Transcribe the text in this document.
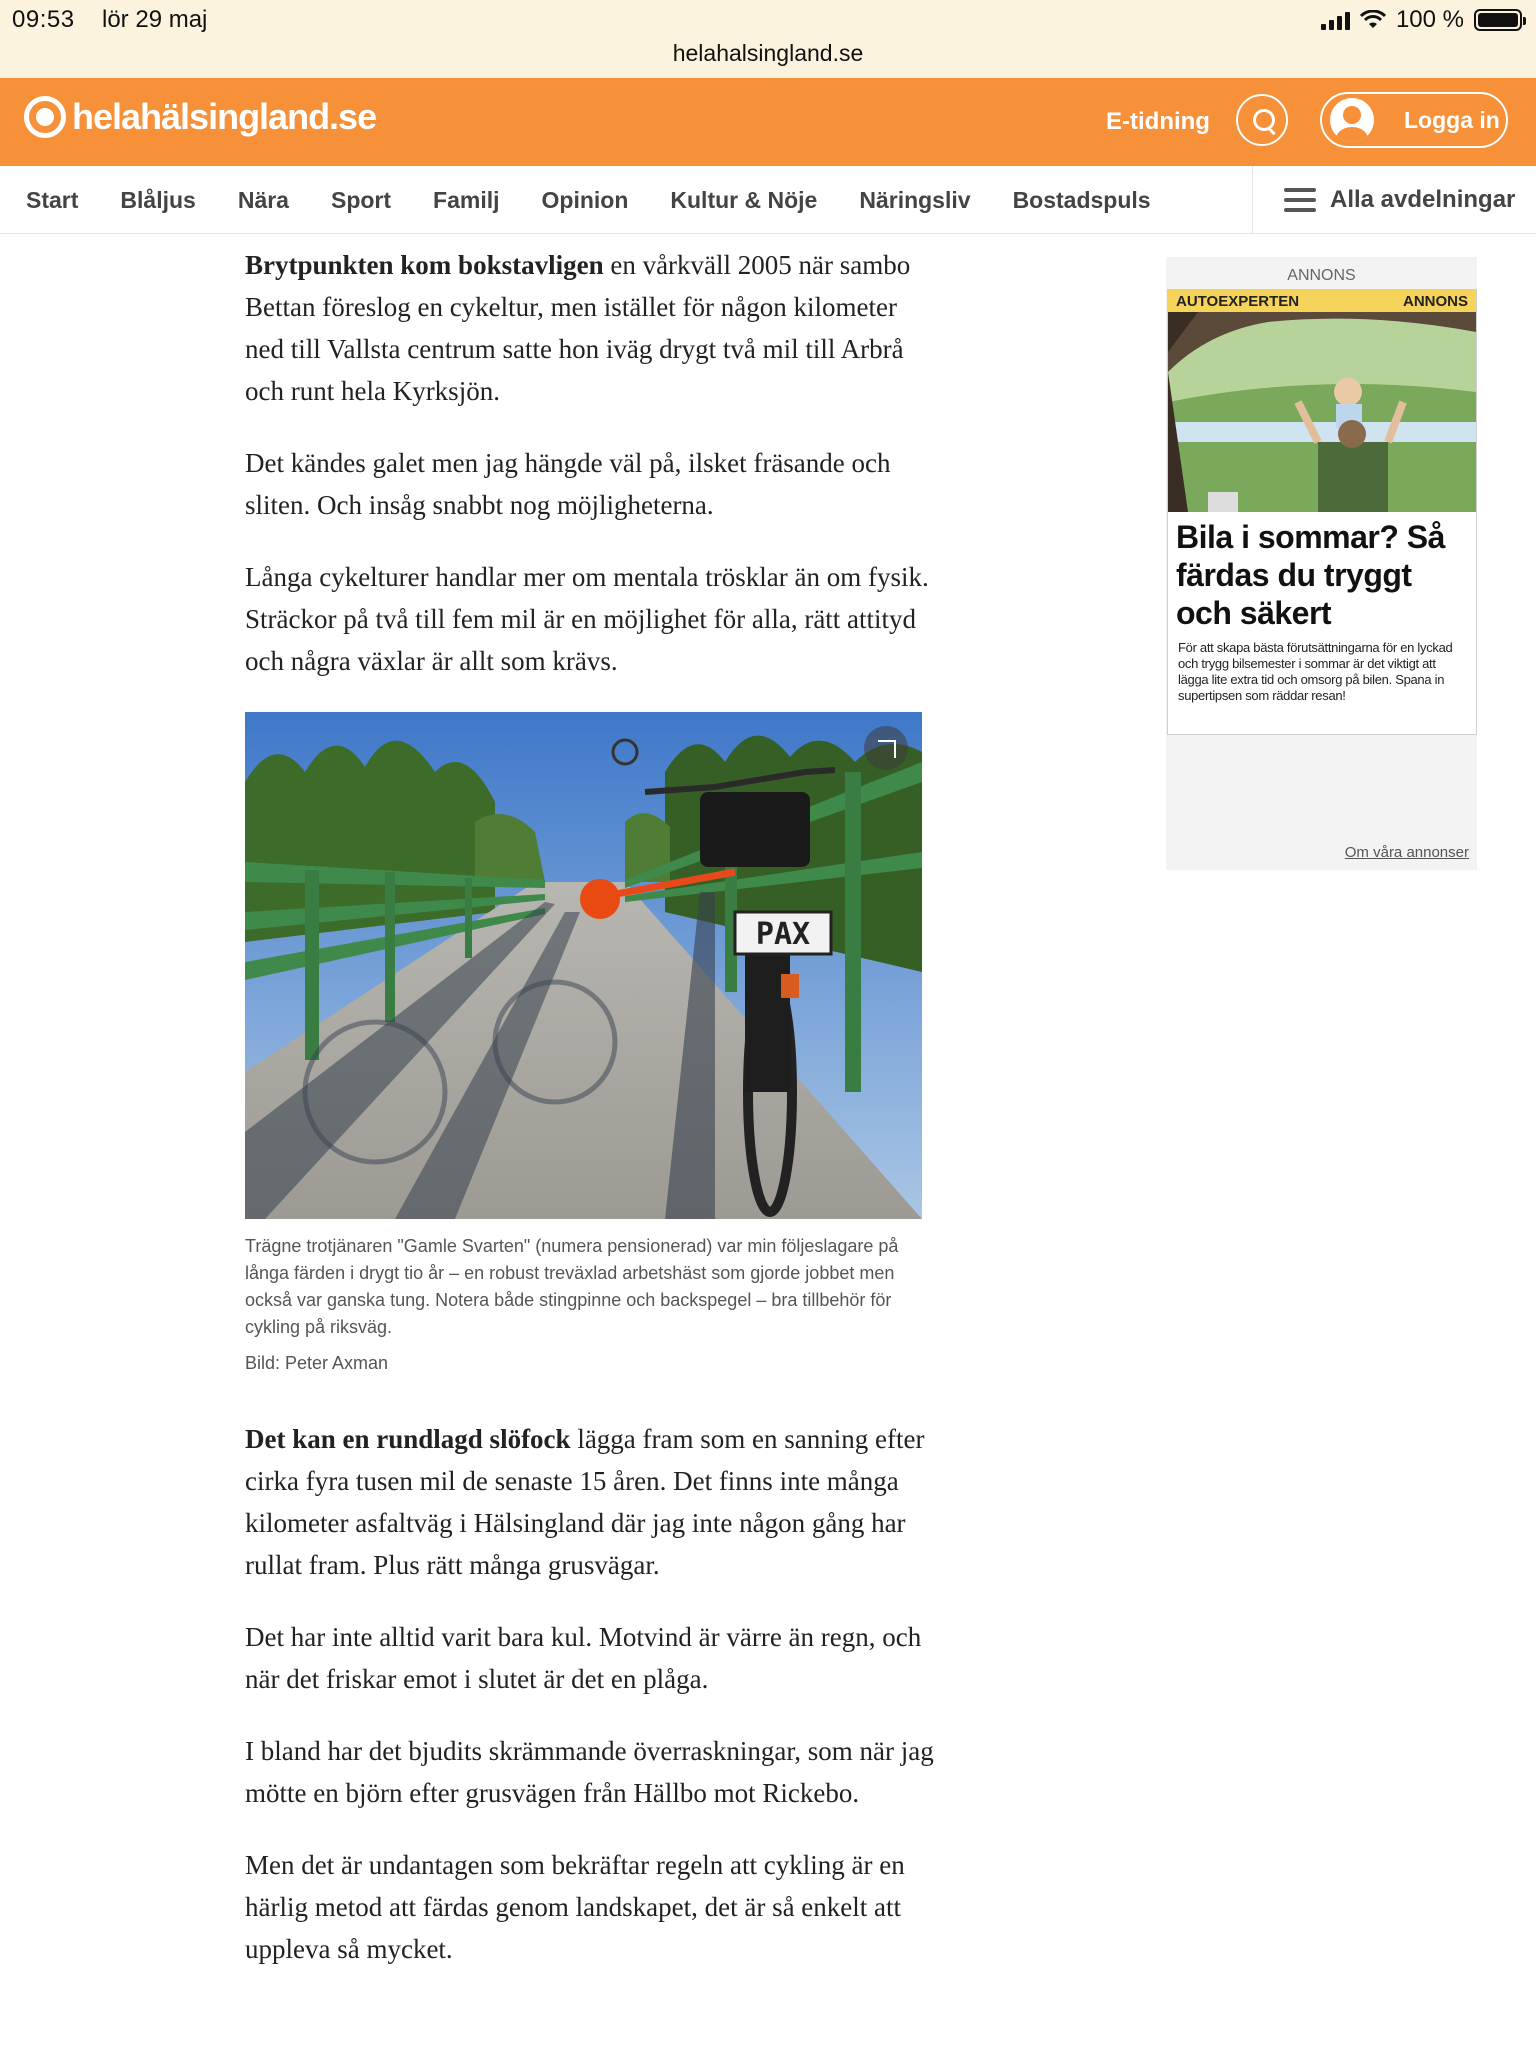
09:53 lör 29 maj	100 %
helahalsingland.se
helahälsingland.se	E-tidning	Logga in
Start Blåljus Nära Sport Familj Opinion Kultur & Nöje Näringsliv Bostadspuls	Alla avdelningar

Brytpunkten kom bokstavligen en vårkväll 2005 när sambo Bettan föreslog en cykeltur, men istället för någon kilometer ned till Vallsta centrum satte hon iväg drygt två mil till Arbrå och runt hela Kyrksjön.

Det kändes galet men jag hängde väl på, ilsket fräsande och sliten. Och insåg snabbt nog möjligheterna.

Långa cykelturer handlar mer om mentala trösklar än om fysik. Sträckor på två till fem mil är en möjlighet för alla, rätt attityd och några växlar är allt som krävs.

PAX

Trägne trotjänaren "Gamle Svarten" (numera pensionerad) var min följeslagare på långa färden i drygt tio år – en robust treväxlad arbetshäst som gjorde jobbet men också var ganska tung. Notera både stingpinne och backspegel – bra tillbehör för cykling på riksväg.

Bild: Peter Axman

Det kan en rundlagd slöfock lägga fram som en sanning efter cirka fyra tusen mil de senaste 15 åren. Det finns inte många kilometer asfaltväg i Hälsingland där jag inte någon gång har rullat fram. Plus rätt många grusvägar.

Det har inte alltid varit bara kul. Motvind är värre än regn, och när det friskar emot i slutet är det en plåga.

I bland har det bjudits skrämmande överraskningar, som när jag mötte en björn efter grusvägen från Hällbo mot Rickebo.

Men det är undantagen som bekräftar regeln att cykling är en härlig metod att färdas genom landskapet, det är så enkelt att uppleva så mycket.

ANNONS
AUTOEXPERTEN	ANNONS
Bila i sommar? Så färdas du tryggt och säkert
För att skapa bästa förutsättningarna för en lyckad och trygg bilsemester i sommar är det viktigt att lägga lite extra tid och omsorg på bilen. Spana in supertipsen som räddar resan!
Om våra annonser
